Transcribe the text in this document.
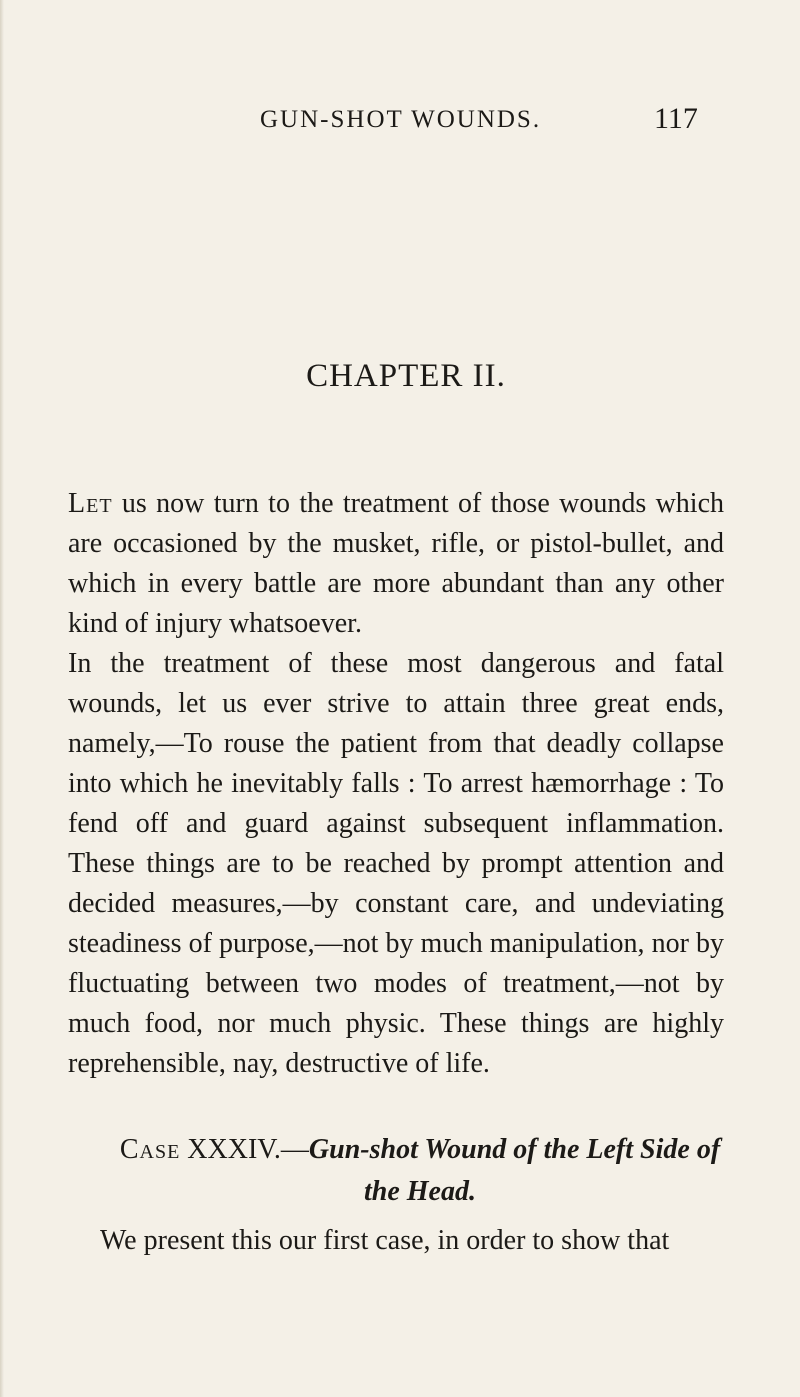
GUN-SHOT WOUNDS.	117
CHAPTER II.

Let us now turn to the treatment of those wounds which are occasioned by the musket, rifle, or pistol-bullet, and which in every battle are more abundant than any other kind of injury whatsoever.

In the treatment of these most dangerous and fatal wounds, let us ever strive to attain three great ends, namely,—To rouse the patient from that deadly collapse into which he inevitably falls : To arrest hæmorrhage : To fend off and guard against subsequent inflammation. These things are to be reached by prompt attention and decided measures,—by constant care, and undeviating steadiness of purpose,—not by much manipulation, nor by fluctuating between two modes of treatment,—not by much food, nor much physic. These things are highly reprehensible, nay, destructive of life.

Case XXXIV.—Gun-shot Wound of the Left Side of the Head.

We present this our first case, in order to show that
